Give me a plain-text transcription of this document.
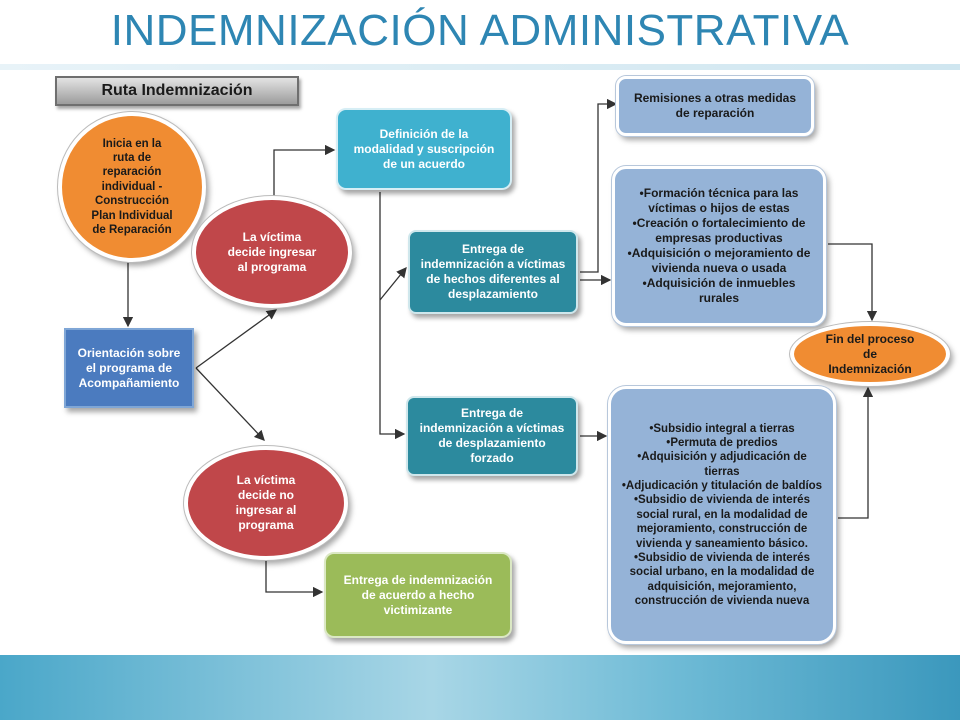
INDEMNIZACIÓN ADMINISTRATIVA
Ruta Indemnización
Inicia en la
ruta de
reparación
individual -
Construcción
Plan Individual
de Reparación
Orientación sobre
el programa de
Acompañamiento
La víctima
decide ingresar
al programa
La víctima
decide no
ingresar al
programa
Definición de la
modalidad y suscripción
de un acuerdo
Entrega de
indemnización a víctimas
de hechos diferentes al
desplazamiento
Entrega de
indemnización a víctimas
de desplazamiento
forzado
Entrega de indemnización
de acuerdo a hecho
victimizante
Remisiones a otras medidas
de reparación
•Formación técnica para las víctimas o hijos de estas
•Creación o fortalecimiento de empresas productivas
•Adquisición o mejoramiento de vivienda nueva o usada
•Adquisición de inmuebles rurales
Fin del proceso
de
Indemnización
•Subsidio integral a tierras
•Permuta de predios
•Adquisición y adjudicación de tierras
•Adjudicación y titulación de baldíos
•Subsidio de vivienda de interés social rural, en la modalidad de mejoramiento, construcción de vivienda y saneamiento básico.
•Subsidio de vivienda de interés social urbano, en la modalidad de adquisición, mejoramiento, construcción de vivienda nueva
